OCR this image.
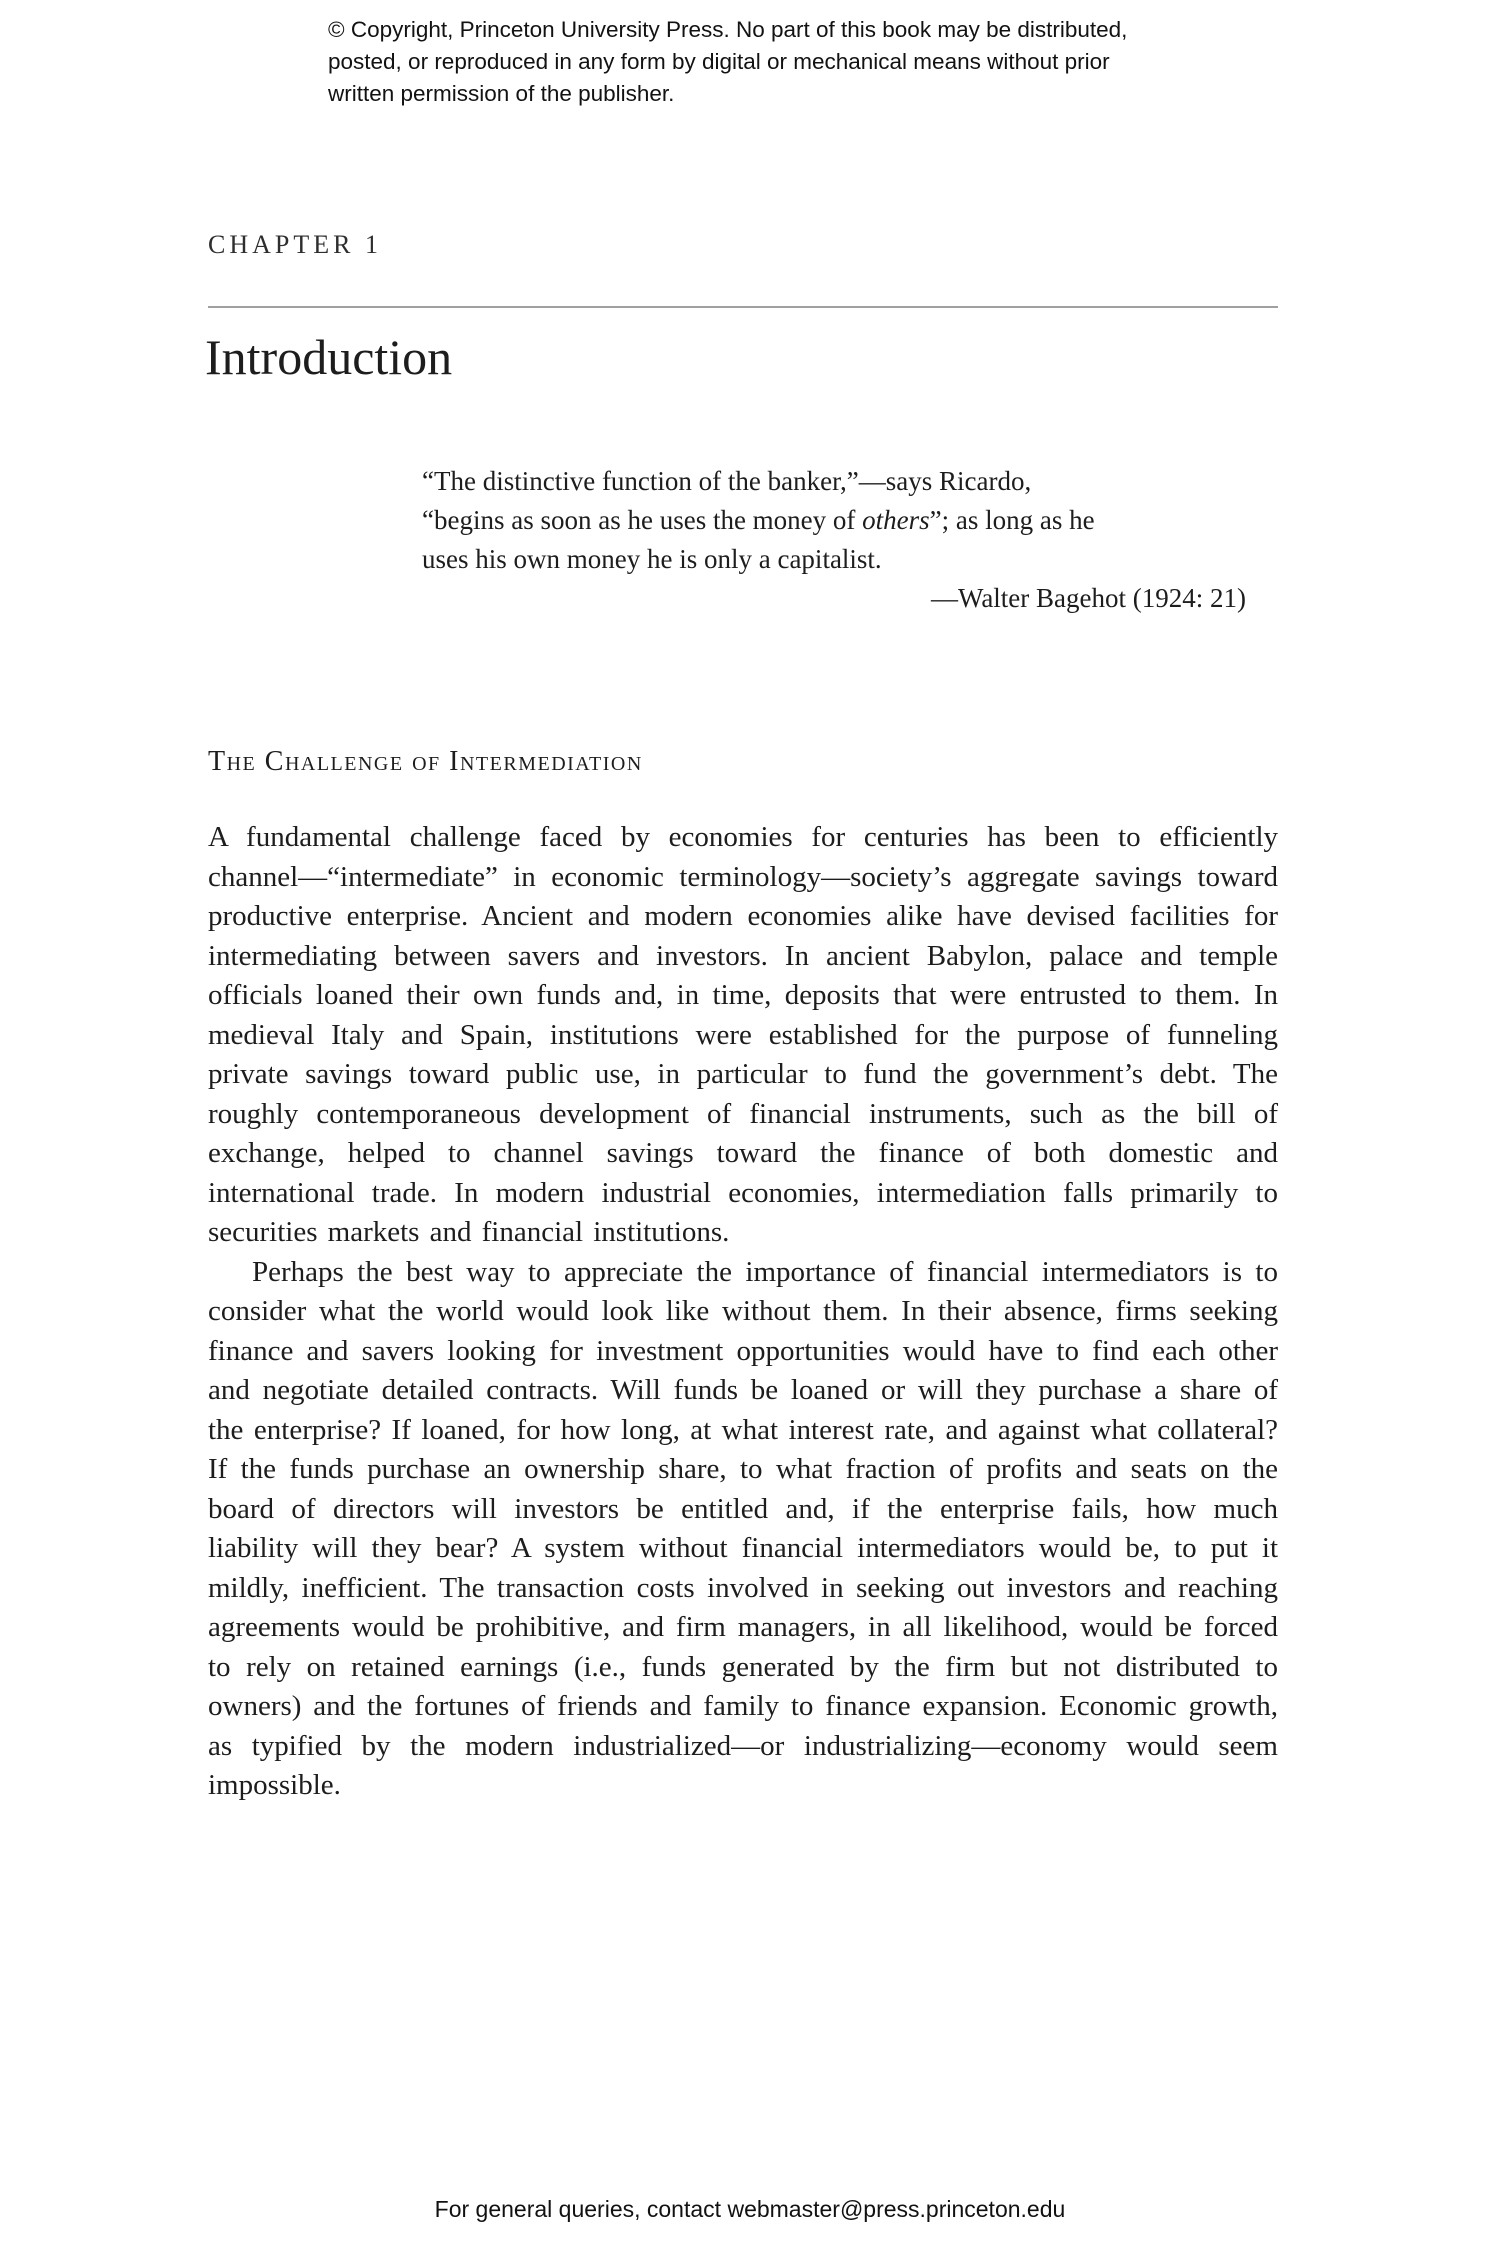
© Copyright, Princeton University Press. No part of this book may be distributed, posted, or reproduced in any form by digital or mechanical means without prior written permission of the publisher.
CHAPTER 1
Introduction
“The distinctive function of the banker,”—says Ricardo,
“begins as soon as he uses the money of others”; as long as he
uses his own money he is only a capitalist.
—Walter Bagehot (1924: 21)
The Challenge of Intermediation

A fundamental challenge faced by economies for centuries has been to efficiently channel—“intermediate” in economic terminology—society’s aggregate savings toward productive enterprise. Ancient and modern economies alike have devised facilities for intermediating between savers and investors. In ancient Babylon, palace and temple officials loaned their own funds and, in time, deposits that were entrusted to them. In medieval Italy and Spain, institutions were established for the purpose of funneling private savings toward public use, in particular to fund the government’s debt. The roughly contemporaneous development of financial instruments, such as the bill of exchange, helped to channel savings toward the finance of both domestic and international trade. In modern industrial economies, intermediation falls primarily to securities markets and financial institutions.

Perhaps the best way to appreciate the importance of financial intermediators is to consider what the world would look like without them. In their absence, firms seeking finance and savers looking for investment opportunities would have to find each other and negotiate detailed contracts. Will funds be loaned or will they purchase a share of the enterprise? If loaned, for how long, at what interest rate, and against what collateral? If the funds purchase an ownership share, to what fraction of profits and seats on the board of directors will investors be entitled and, if the enterprise fails, how much liability will they bear? A system without financial intermediators would be, to put it mildly, inefficient. The transaction costs involved in seeking out investors and reaching agreements would be prohibitive, and firm managers, in all likelihood, would be forced to rely on retained earnings (i.e., funds generated by the firm but not distributed to owners) and the fortunes of friends and family to finance expansion. Economic growth, as typified by the modern industrialized—or industrializing—economy would seem impossible.

For general queries, contact webmaster@press.princeton.edu
